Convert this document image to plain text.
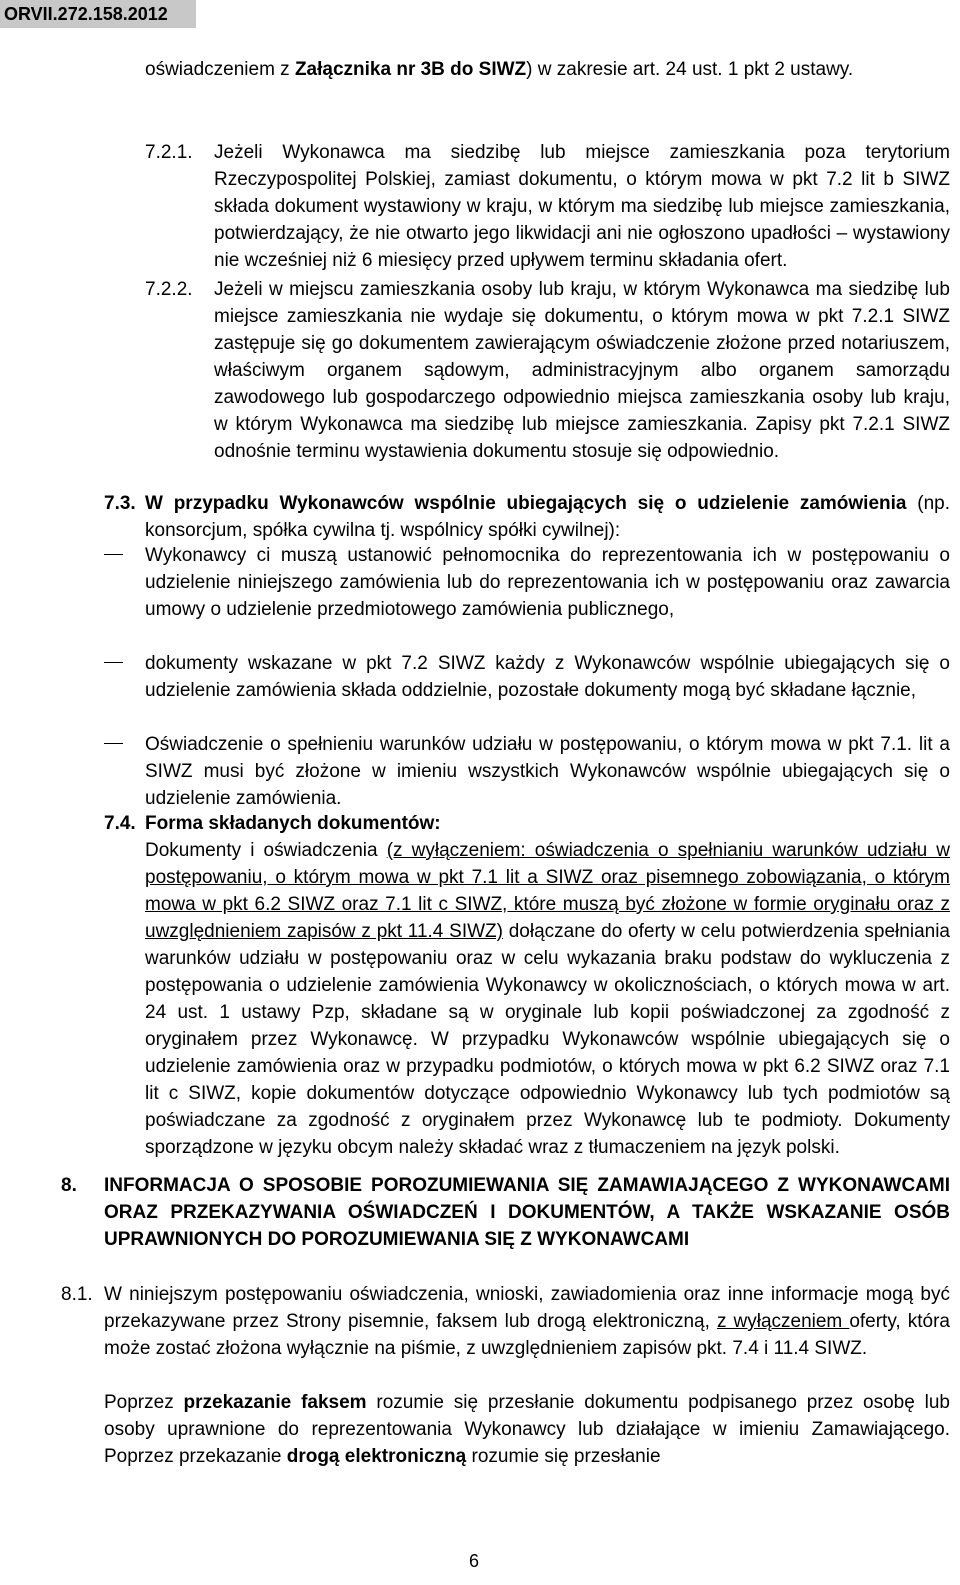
ORVII.272.158.2012
oświadczeniem z Załącznika nr 3B do SIWZ) w zakresie art. 24 ust. 1 pkt 2 ustawy.
7.2.1. Jeżeli Wykonawca ma siedzibę lub miejsce zamieszkania poza terytorium Rzeczypospolitej Polskiej, zamiast dokumentu, o którym mowa w pkt 7.2 lit b SIWZ składa dokument wystawiony w kraju, w którym ma siedzibę lub miejsce zamieszkania, potwierdzający, że nie otwarto jego likwidacji ani nie ogłoszono upadłości – wystawiony nie wcześniej niż 6 miesięcy przed upływem terminu składania ofert.
7.2.2. Jeżeli w miejscu zamieszkania osoby lub kraju, w którym Wykonawca ma siedzibę lub miejsce zamieszkania nie wydaje się dokumentu, o którym mowa w pkt 7.2.1 SIWZ zastępuje się go dokumentem zawierającym oświadczenie złożone przed notariuszem, właściwym organem sądowym, administracyjnym albo organem samorządu zawodowego lub gospodarczego odpowiednio miejsca zamieszkania osoby lub kraju, w którym Wykonawca ma siedzibę lub miejsce zamieszkania. Zapisy pkt 7.2.1 SIWZ odnośnie terminu wystawienia dokumentu stosuje się odpowiednio.
7.3. W przypadku Wykonawców wspólnie ubiegających się o udzielenie zamówienia (np. konsorcjum, spółka cywilna tj. wspólnicy spółki cywilnej):
Wykonawcy ci muszą ustanowić pełnomocnika do reprezentowania ich w postępowaniu o udzielenie niniejszego zamówienia lub do reprezentowania ich w postępowaniu oraz zawarcia umowy o udzielenie przedmiotowego zamówienia publicznego,
dokumenty wskazane w pkt 7.2 SIWZ każdy z Wykonawców wspólnie ubiegających się o udzielenie zamówienia składa oddzielnie, pozostałe dokumenty mogą być składane łącznie,
Oświadczenie o spełnieniu warunków udziału w postępowaniu, o którym mowa w pkt 7.1. lit a SIWZ musi być złożone w imieniu wszystkich Wykonawców wspólnie ubiegających się o udzielenie zamówienia.
7.4. Forma składanych dokumentów:
Dokumenty i oświadczenia (z wyłączeniem: oświadczenia o spełnianiu warunków udziału w postępowaniu, o którym mowa w pkt 7.1 lit a SIWZ oraz pisemnego zobowiązania, o którym mowa w pkt 6.2 SIWZ oraz 7.1 lit c SIWZ, które muszą być złożone w formie oryginału oraz z uwzględnieniem zapisów z pkt 11.4 SIWZ) dołączane do oferty w celu potwierdzenia spełniania warunków udziału w postępowaniu oraz w celu wykazania braku podstaw do wykluczenia z postępowania o udzielenie zamówienia Wykonawcy w okolicznościach, o których mowa w art. 24 ust. 1 ustawy Pzp, składane są w oryginale lub kopii poświadczonej za zgodność z oryginałem przez Wykonawcę. W przypadku Wykonawców wspólnie ubiegających się o udzielenie zamówienia oraz w przypadku podmiotów, o których mowa w pkt 6.2 SIWZ oraz 7.1 lit c SIWZ, kopie dokumentów dotyczące odpowiednio Wykonawcy lub tych podmiotów są poświadczane za zgodność z oryginałem przez Wykonawcę lub te podmioty. Dokumenty sporządzone w języku obcym należy składać wraz z tłumaczeniem na język polski.
8. INFORMACJA O SPOSOBIE POROZUMIEWANIA SIĘ ZAMAWIAJĄCEGO Z WYKONAWCAMI ORAZ PRZEKAZYWANIA OŚWIADCZEŃ I DOKUMENTÓW, A TAKŻE WSKAZANIE OSÓB UPRAWNIONYCH DO POROZUMIEWANIA SIĘ Z WYKONAWCAMI
8.1. W niniejszym postępowaniu oświadczenia, wnioski, zawiadomienia oraz inne informacje mogą być przekazywane przez Strony pisemnie, faksem lub drogą elektroniczną, z wyłączeniem oferty, która może zostać złożona wyłącznie na piśmie, z uwzględnieniem zapisów pkt. 7.4 i 11.4 SIWZ.
Poprzez przekazanie faksem rozumie się przesłanie dokumentu podpisanego przez osobę lub osoby uprawnione do reprezentowania Wykonawcy lub działające w imieniu Zamawiającego. Poprzez przekazanie drogą elektroniczną rozumie się przesłanie
6
